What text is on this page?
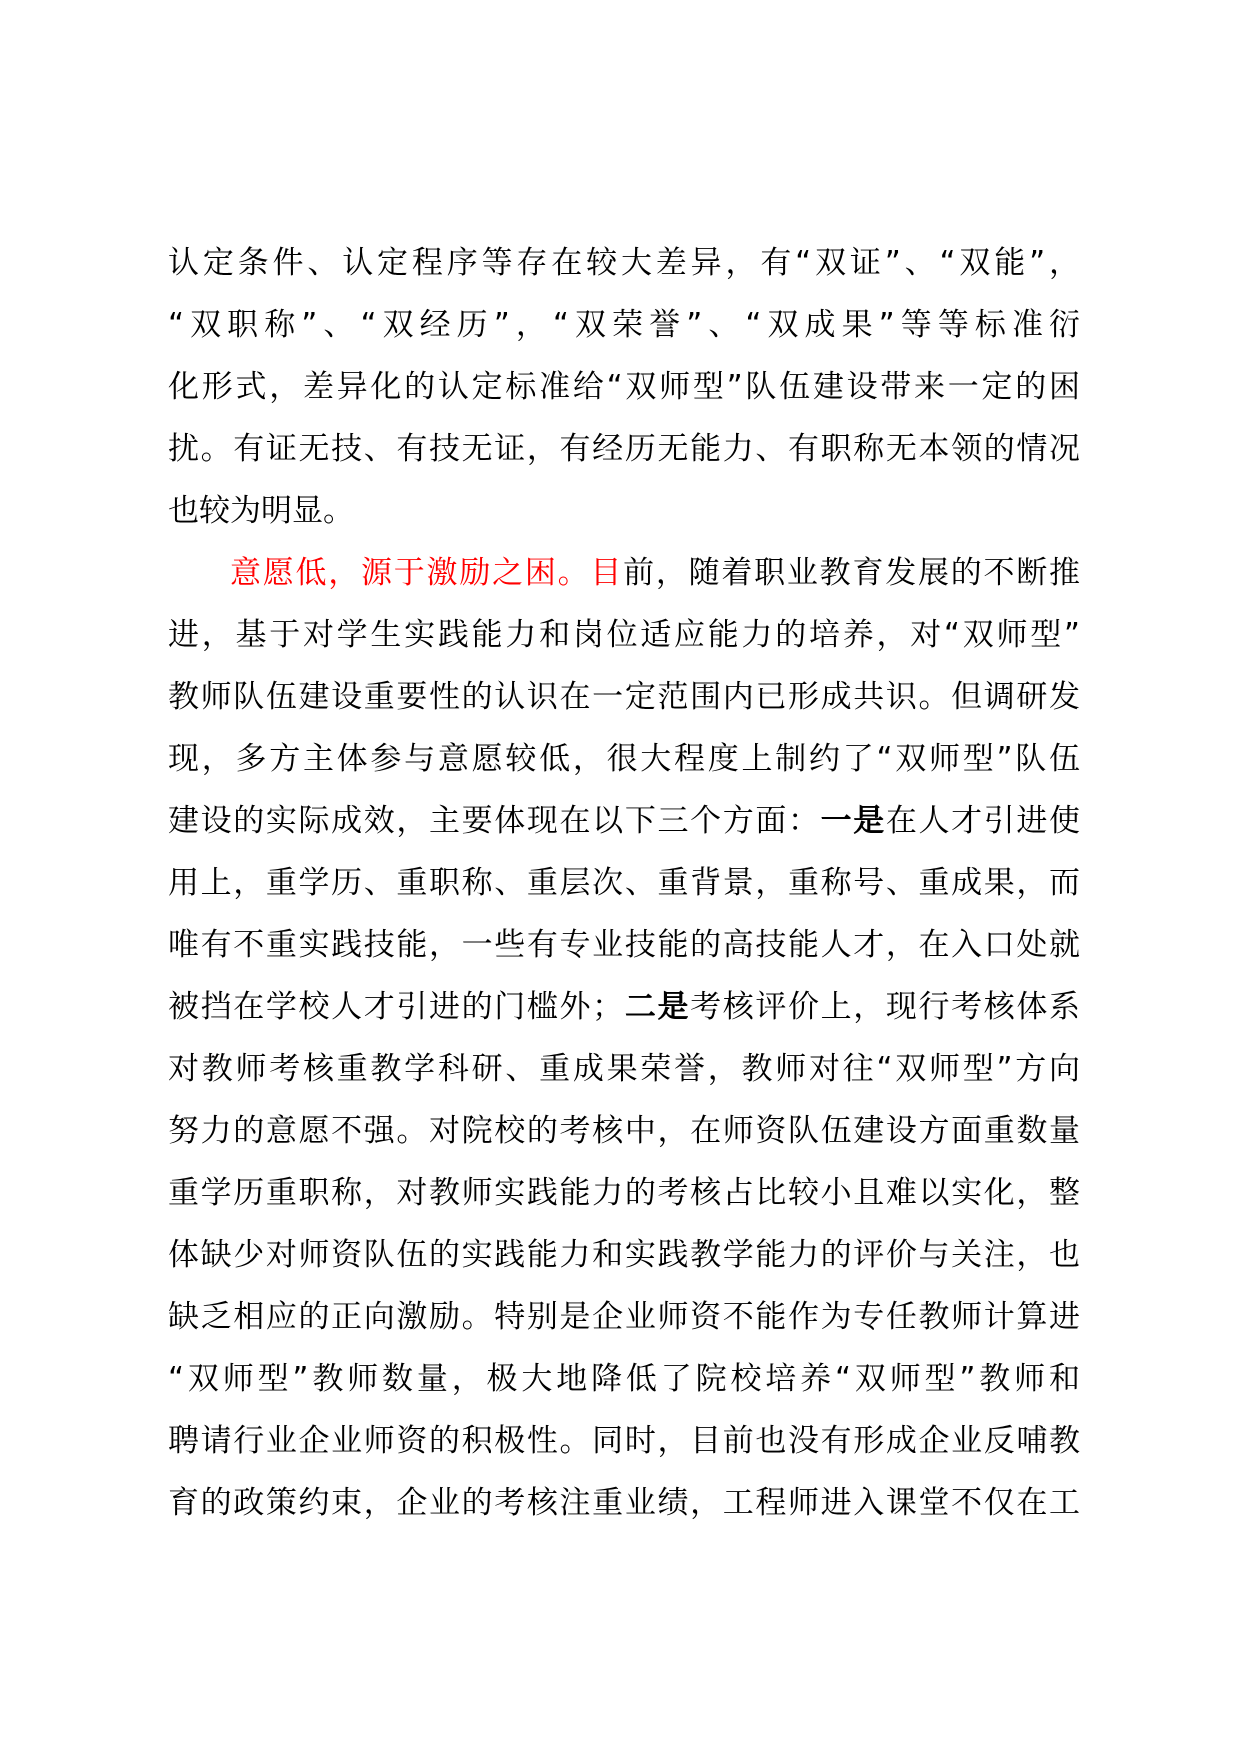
认定条件、认定程序等存在较大差异，有“双证”、“双能”，
“双职称”、“双经历”，“双荣誉”、“双成果”等等标准衍
化形式，差异化的认定标准给“双师型”队伍建设带来一定的困
扰。有证无技、有技无证，有经历无能力、有职称无本领的情况
也较为明显。
意愿低，源于激励之困。目前，随着职业教育发展的不断推
进，基于对学生实践能力和岗位适应能力的培养，对“双师型”
教师队伍建设重要性的认识在一定范围内已形成共识。但调研发
现，多方主体参与意愿较低，很大程度上制约了“双师型”队伍
建设的实际成效，主要体现在以下三个方面：一是在人才引进使
用上，重学历、重职称、重层次、重背景，重称号、重成果，而
唯有不重实践技能，一些有专业技能的高技能人才，在入口处就
被挡在学校人才引进的门槛外；二是考核评价上，现行考核体系
对教师考核重教学科研、重成果荣誉，教师对往“双师型”方向
努力的意愿不强。对院校的考核中，在师资队伍建设方面重数量
重学历重职称，对教师实践能力的考核占比较小且难以实化，整
体缺少对师资队伍的实践能力和实践教学能力的评价与关注，也
缺乏相应的正向激励。特别是企业师资不能作为专任教师计算进
“双师型”教师数量，极大地降低了院校培养“双师型”教师和
聘请行业企业师资的积极性。同时，目前也没有形成企业反哺教
育的政策约束，企业的考核注重业绩，工程师进入课堂不仅在工
